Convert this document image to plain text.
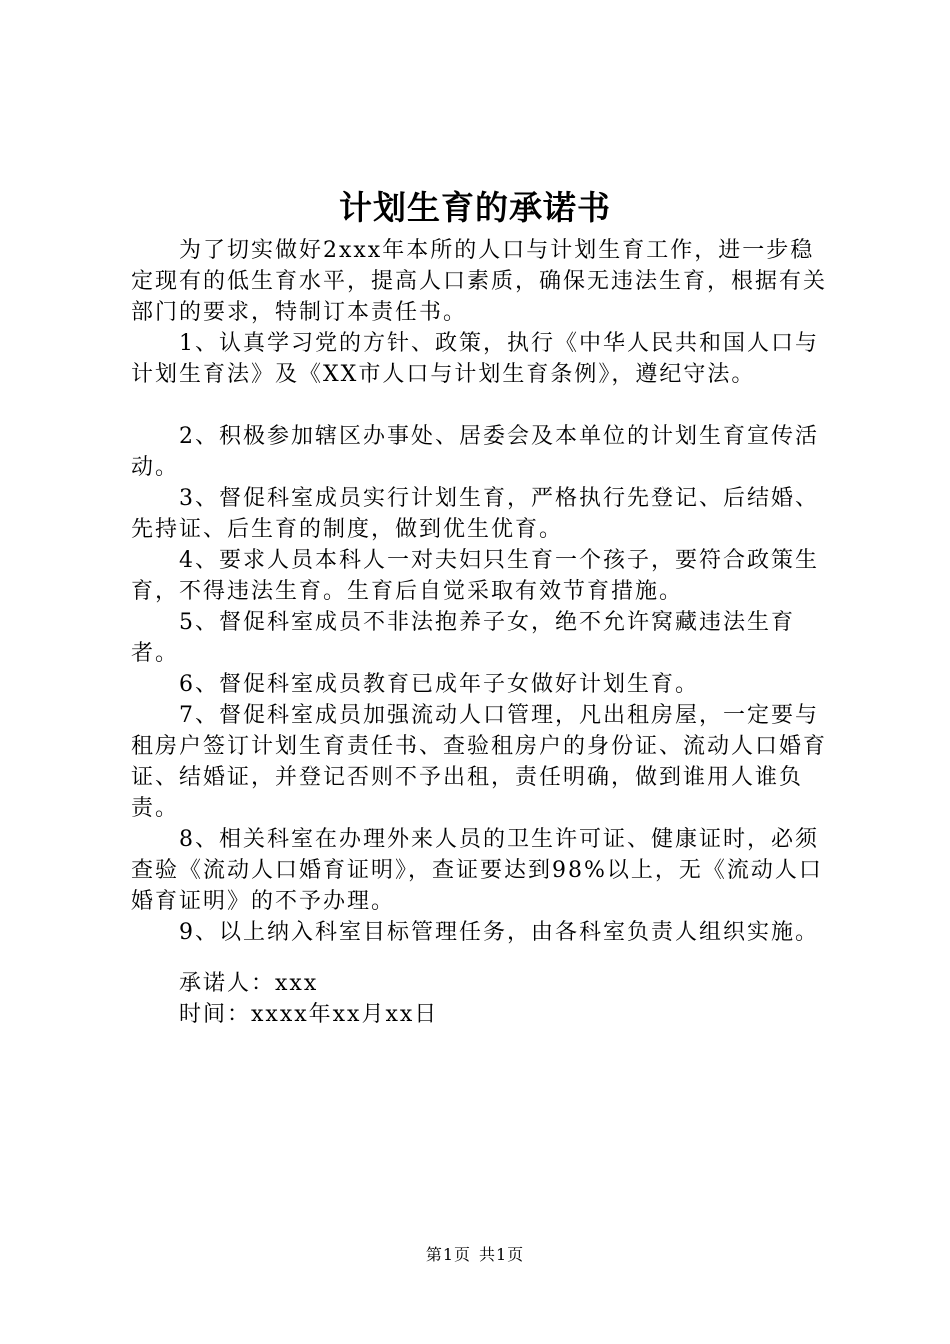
计划生育的承诺书

为了切实做好2xxx年本所的人口与计划生育工作，进一步稳定现有的低生育水平，提高人口素质，确保无违法生育，根据有关部门的要求，特制订本责任书。

1、认真学习党的方针、政策，执行《中华人民共和国人口与计划生育法》及《XX市人口与计划生育条例》，遵纪守法。

2、积极参加辖区办事处、居委会及本单位的计划生育宣传活动。

3、督促科室成员实行计划生育，严格执行先登记、后结婚、先持证、后生育的制度，做到优生优育。

4、要求人员本科人一对夫妇只生育一个孩子，要符合政策生育，不得违法生育。生育后自觉采取有效节育措施。

5、督促科室成员不非法抱养子女，绝不允许窝藏违法生育者。

6、督促科室成员教育已成年子女做好计划生育。

7、督促科室成员加强流动人口管理，凡出租房屋，一定要与租房户签订计划生育责任书、查验租房户的身份证、流动人口婚育证、结婚证，并登记否则不予出租，责任明确，做到谁用人谁负责。

8、相关科室在办理外来人员的卫生许可证、健康证时，必须查验《流动人口婚育证明》，查证要达到98%以上，无《流动人口婚育证明》的不予办理。

9、以上纳入科室目标管理任务，由各科室负责人组织实施。

承诺人：xxx

时间：xxxx年xx月xx日

第1页 共1页
